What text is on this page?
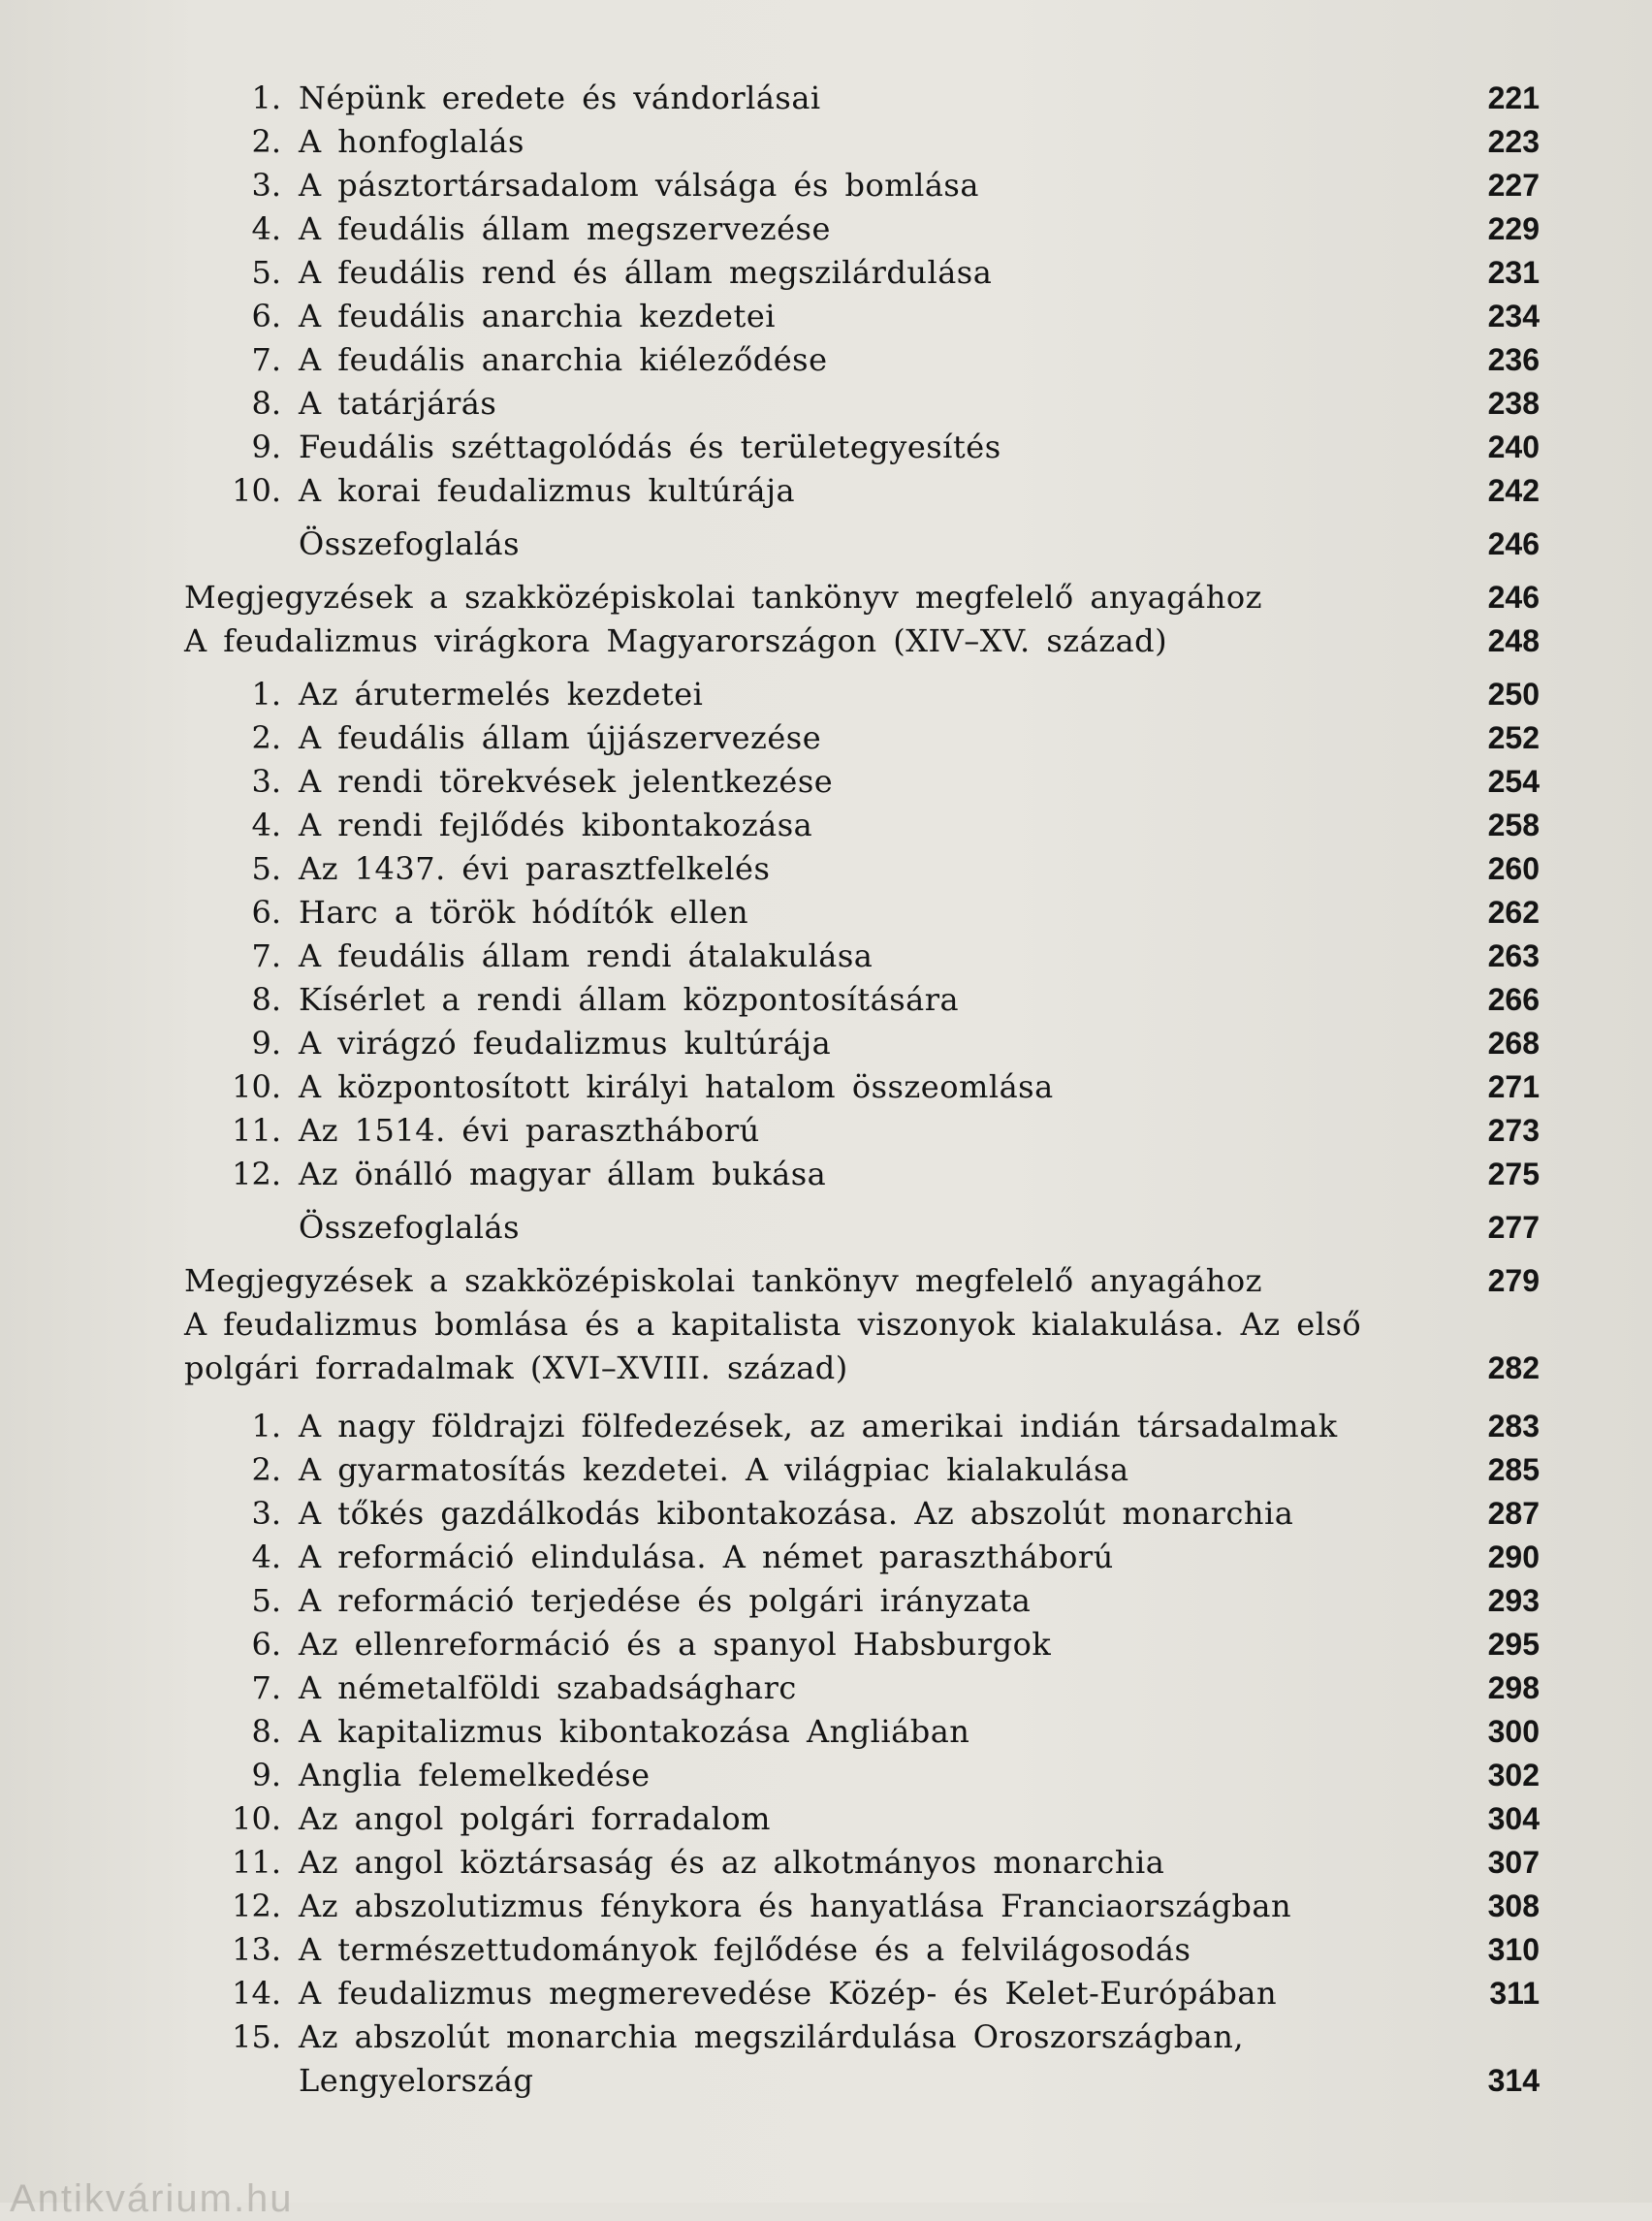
1. Népünk eredete és vándorlásai	221
2. A honfoglalás	223
3. A pásztortársadalom válsága és bomlása	227
4. A feudális állam megszervezése	229
5. A feudális rend és állam megszilárdulása	231
6. A feudális anarchia kezdetei	234
7. A feudális anarchia kiéleződése	236
8. A tatárjárás	238
9. Feudális széttagolódás és területegyesítés	240
10. A korai feudalizmus kultúrája	242
Összefoglalás	246
Megjegyzések a szakközépiskolai tankönyv megfelelő anyagához	246
A feudalizmus virágkora Magyarországon (XIV–XV. század)	248
1. Az árutermelés kezdetei	250
2. A feudális állam újjászervezése	252
3. A rendi törekvések jelentkezése	254
4. A rendi fejlődés kibontakozása	258
5. Az 1437. évi parasztfelkelés	260
6. Harc a török hódítók ellen	262
7. A feudális állam rendi átalakulása	263
8. Kísérlet a rendi állam központosítására	266
9. A virágzó feudalizmus kultúrája	268
10. A központosított királyi hatalom összeomlása	271
11. Az 1514. évi parasztháború	273
12. Az önálló magyar állam bukása	275
Összefoglalás	277
Megjegyzések a szakközépiskolai tankönyv megfelelő anyagához	279
A feudalizmus bomlása és a kapitalista viszonyok kialakulása. Az első
polgári forradalmak (XVI–XVIII. század)	282
1. A nagy földrajzi fölfedezések, az amerikai indián társadalmak	283
2. A gyarmatosítás kezdetei. A világpiac kialakulása	285
3. A tőkés gazdálkodás kibontakozása. Az abszolút monarchia	287
4. A reformáció elindulása. A német parasztháború	290
5. A reformáció terjedése és polgári irányzata	293
6. Az ellenreformáció és a spanyol Habsburgok	295
7. A németalföldi szabadságharc	298
8. A kapitalizmus kibontakozása Angliában	300
9. Anglia felemelkedése	302
10. Az angol polgári forradalom	304
11. Az angol köztársaság és az alkotmányos monarchia	307
12. Az abszolutizmus fénykora és hanyatlása Franciaországban	308
13. A természettudományok fejlődése és a felvilágosodás	310
14. A feudalizmus megmerevedése Közép- és Kelet-Európában	311
15. Az abszolút monarchia megszilárdulása Oroszországban,
Lengyelország	314
Antikvárium.hu
